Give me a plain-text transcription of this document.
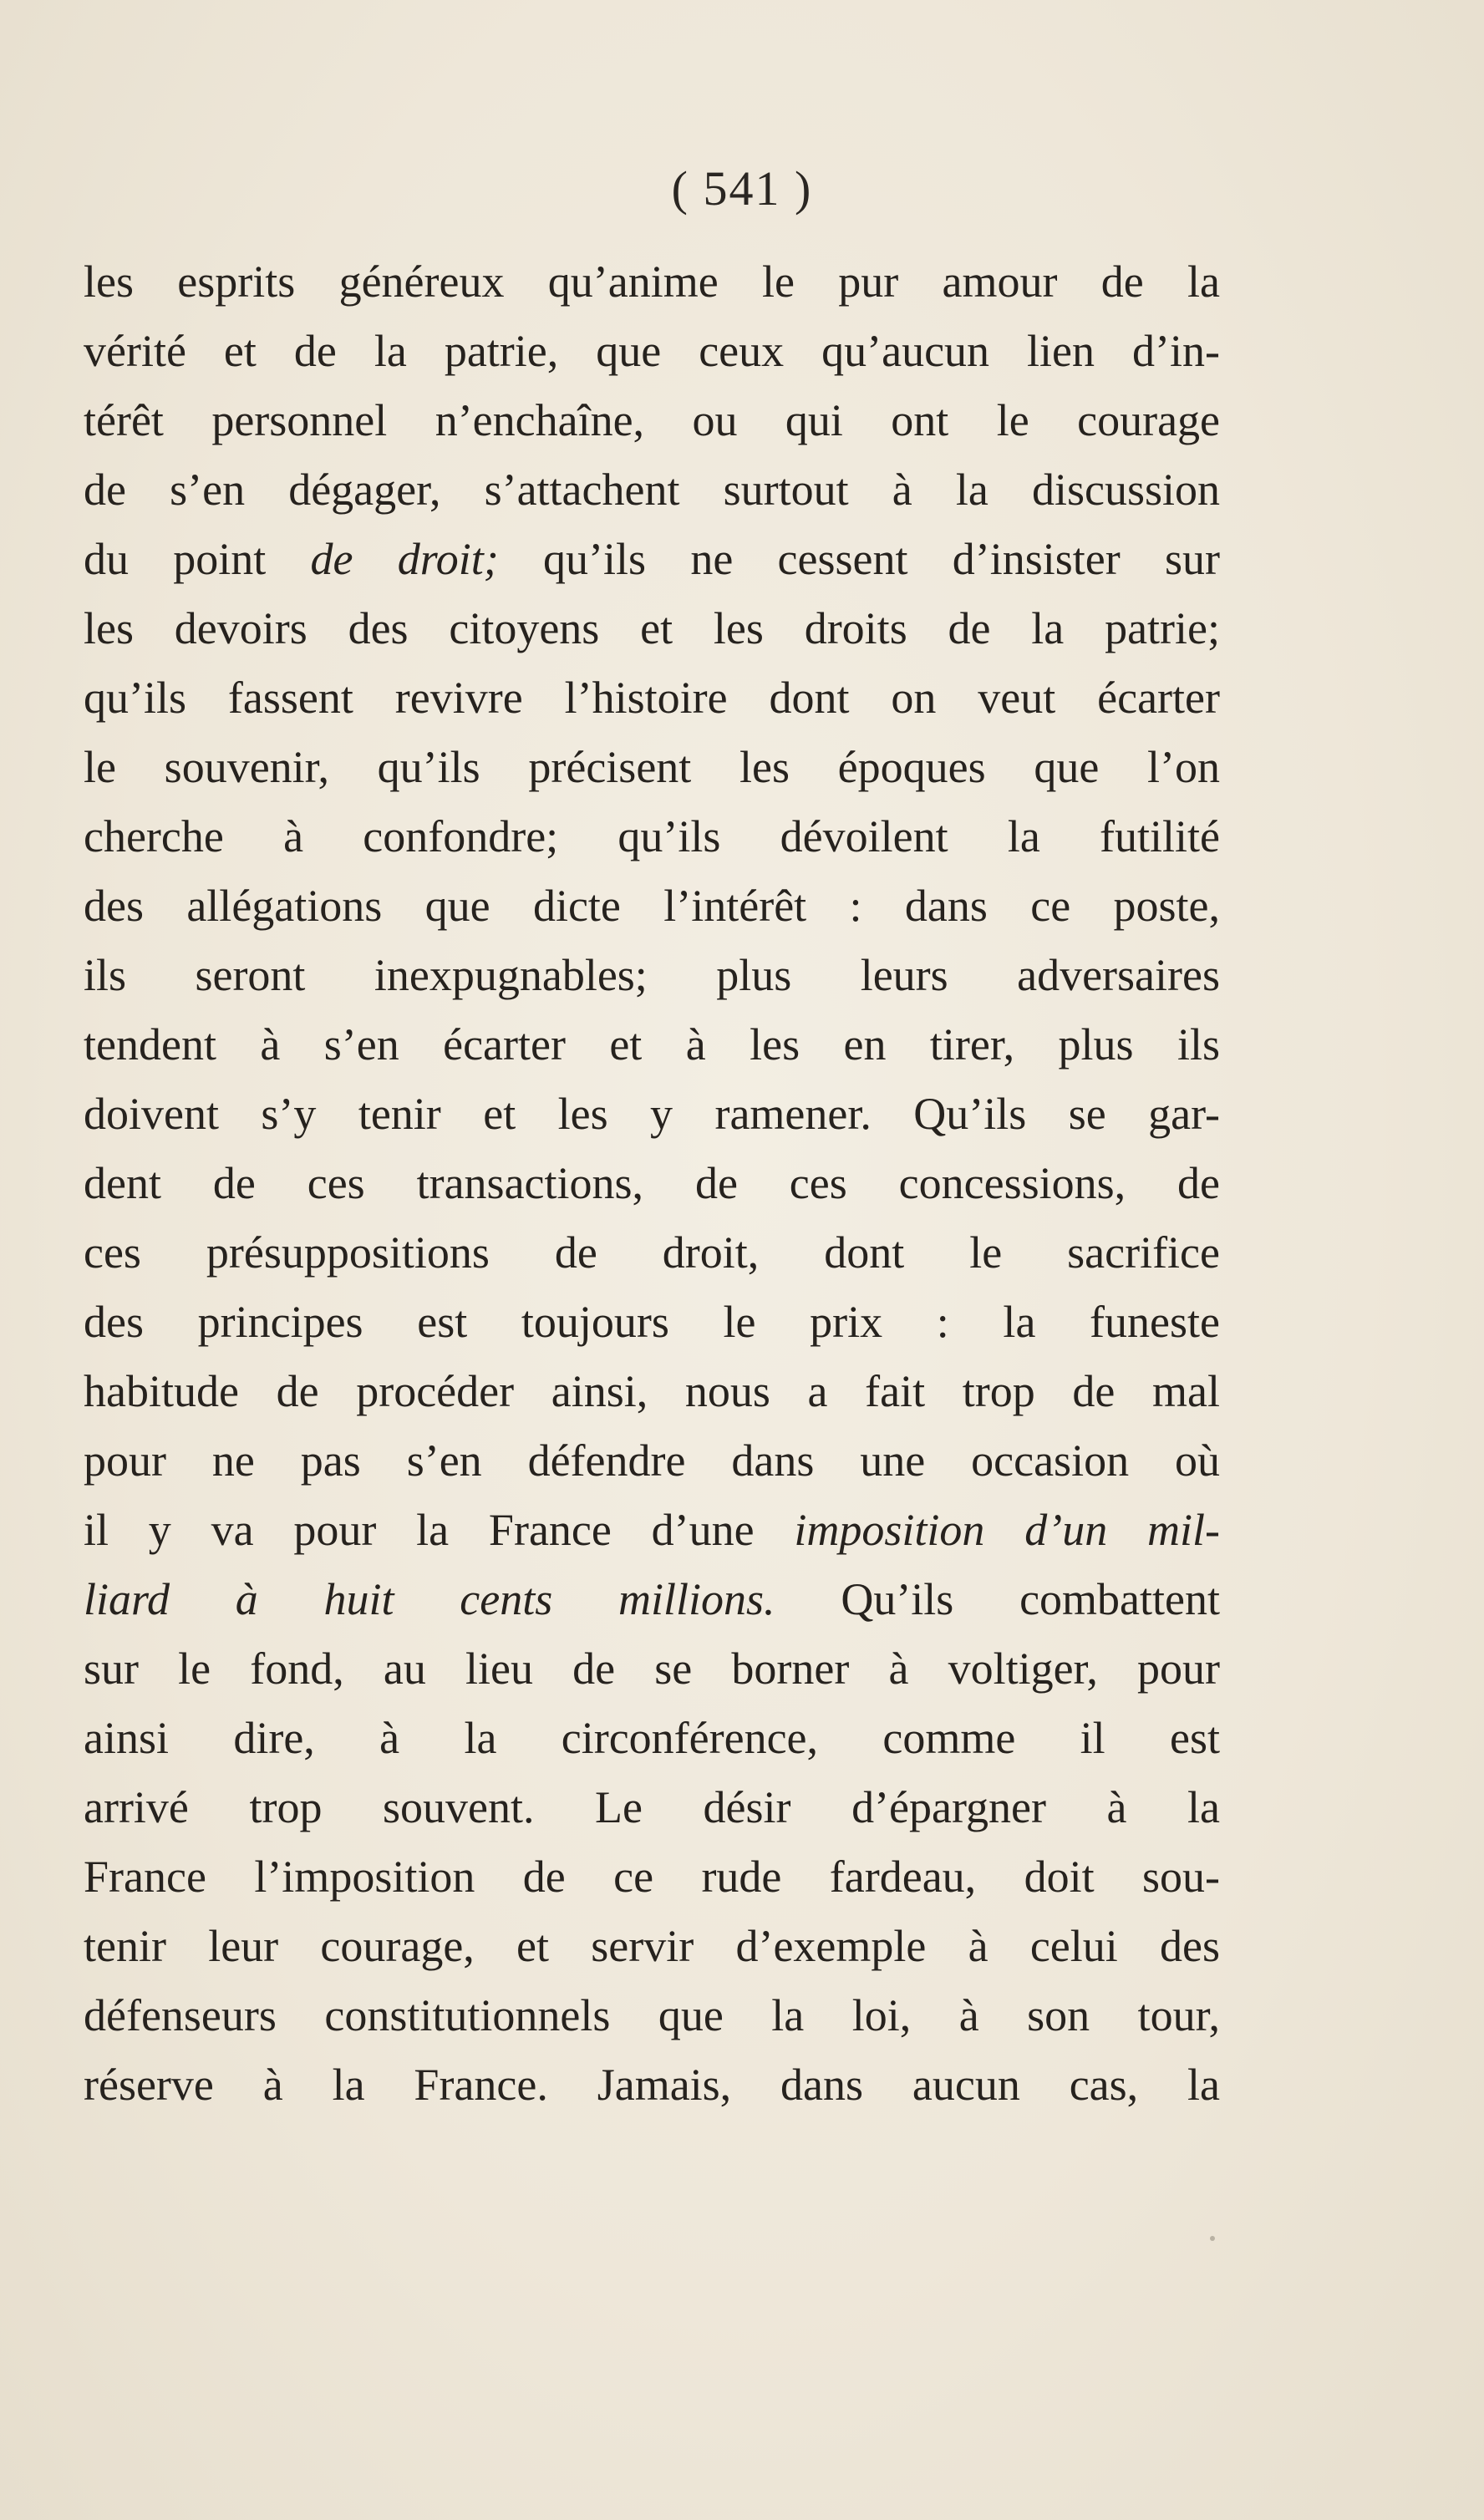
( 541 )
les esprits généreux qu’anime le pur amour de la
vérité et de la patrie, que ceux qu’aucun lien d’in-
térêt personnel n’enchaîne, ou qui ont le courage
de s’en dégager, s’attachent surtout à la discussion
du point de droit; qu’ils ne cessent d’insister sur
les devoirs des citoyens et les droits de la patrie;
qu’ils fassent revivre l’histoire dont on veut écarter
le souvenir, qu’ils précisent les époques que l’on
cherche à confondre; qu’ils dévoilent la futilité
des allégations que dicte l’intérêt : dans ce poste,
ils seront inexpugnables; plus leurs adversaires
tendent à s’en écarter et à les en tirer, plus ils
doivent s’y tenir et les y ramener. Qu’ils se gar-
dent de ces transactions, de ces concessions, de
ces présuppositions de droit, dont le sacrifice
des principes est toujours le prix : la funeste
habitude de procéder ainsi, nous a fait trop de mal
pour ne pas s’en défendre dans une occasion où
il y va pour la France d’une imposition d’un mil-
liard à huit cents millions. Qu’ils combattent
sur le fond, au lieu de se borner à voltiger, pour
ainsi dire, à la circonférence, comme il est
arrivé trop souvent. Le désir d’épargner à la
France l’imposition de ce rude fardeau, doit sou-
tenir leur courage, et servir d’exemple à celui des
défenseurs constitutionnels que la loi, à son tour,
réserve à la France. Jamais, dans aucun cas, la
